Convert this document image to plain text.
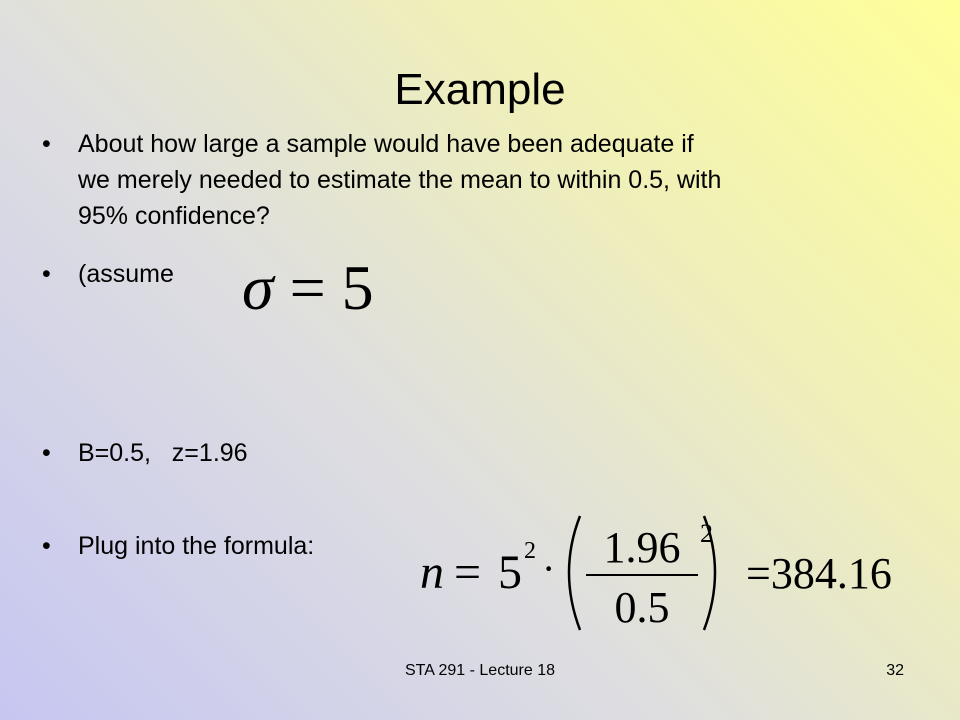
Example
• About how large a sample would have been adequate if
we merely needed to estimate the mean to within 0.5, with
95% confidence?
• (assume σ = 5
• B=0.5,   z=1.96
• Plug into the formula: n = 5 2 · 1.96
0.5
2
=384.16
STA 291 - Lecture 18	32
